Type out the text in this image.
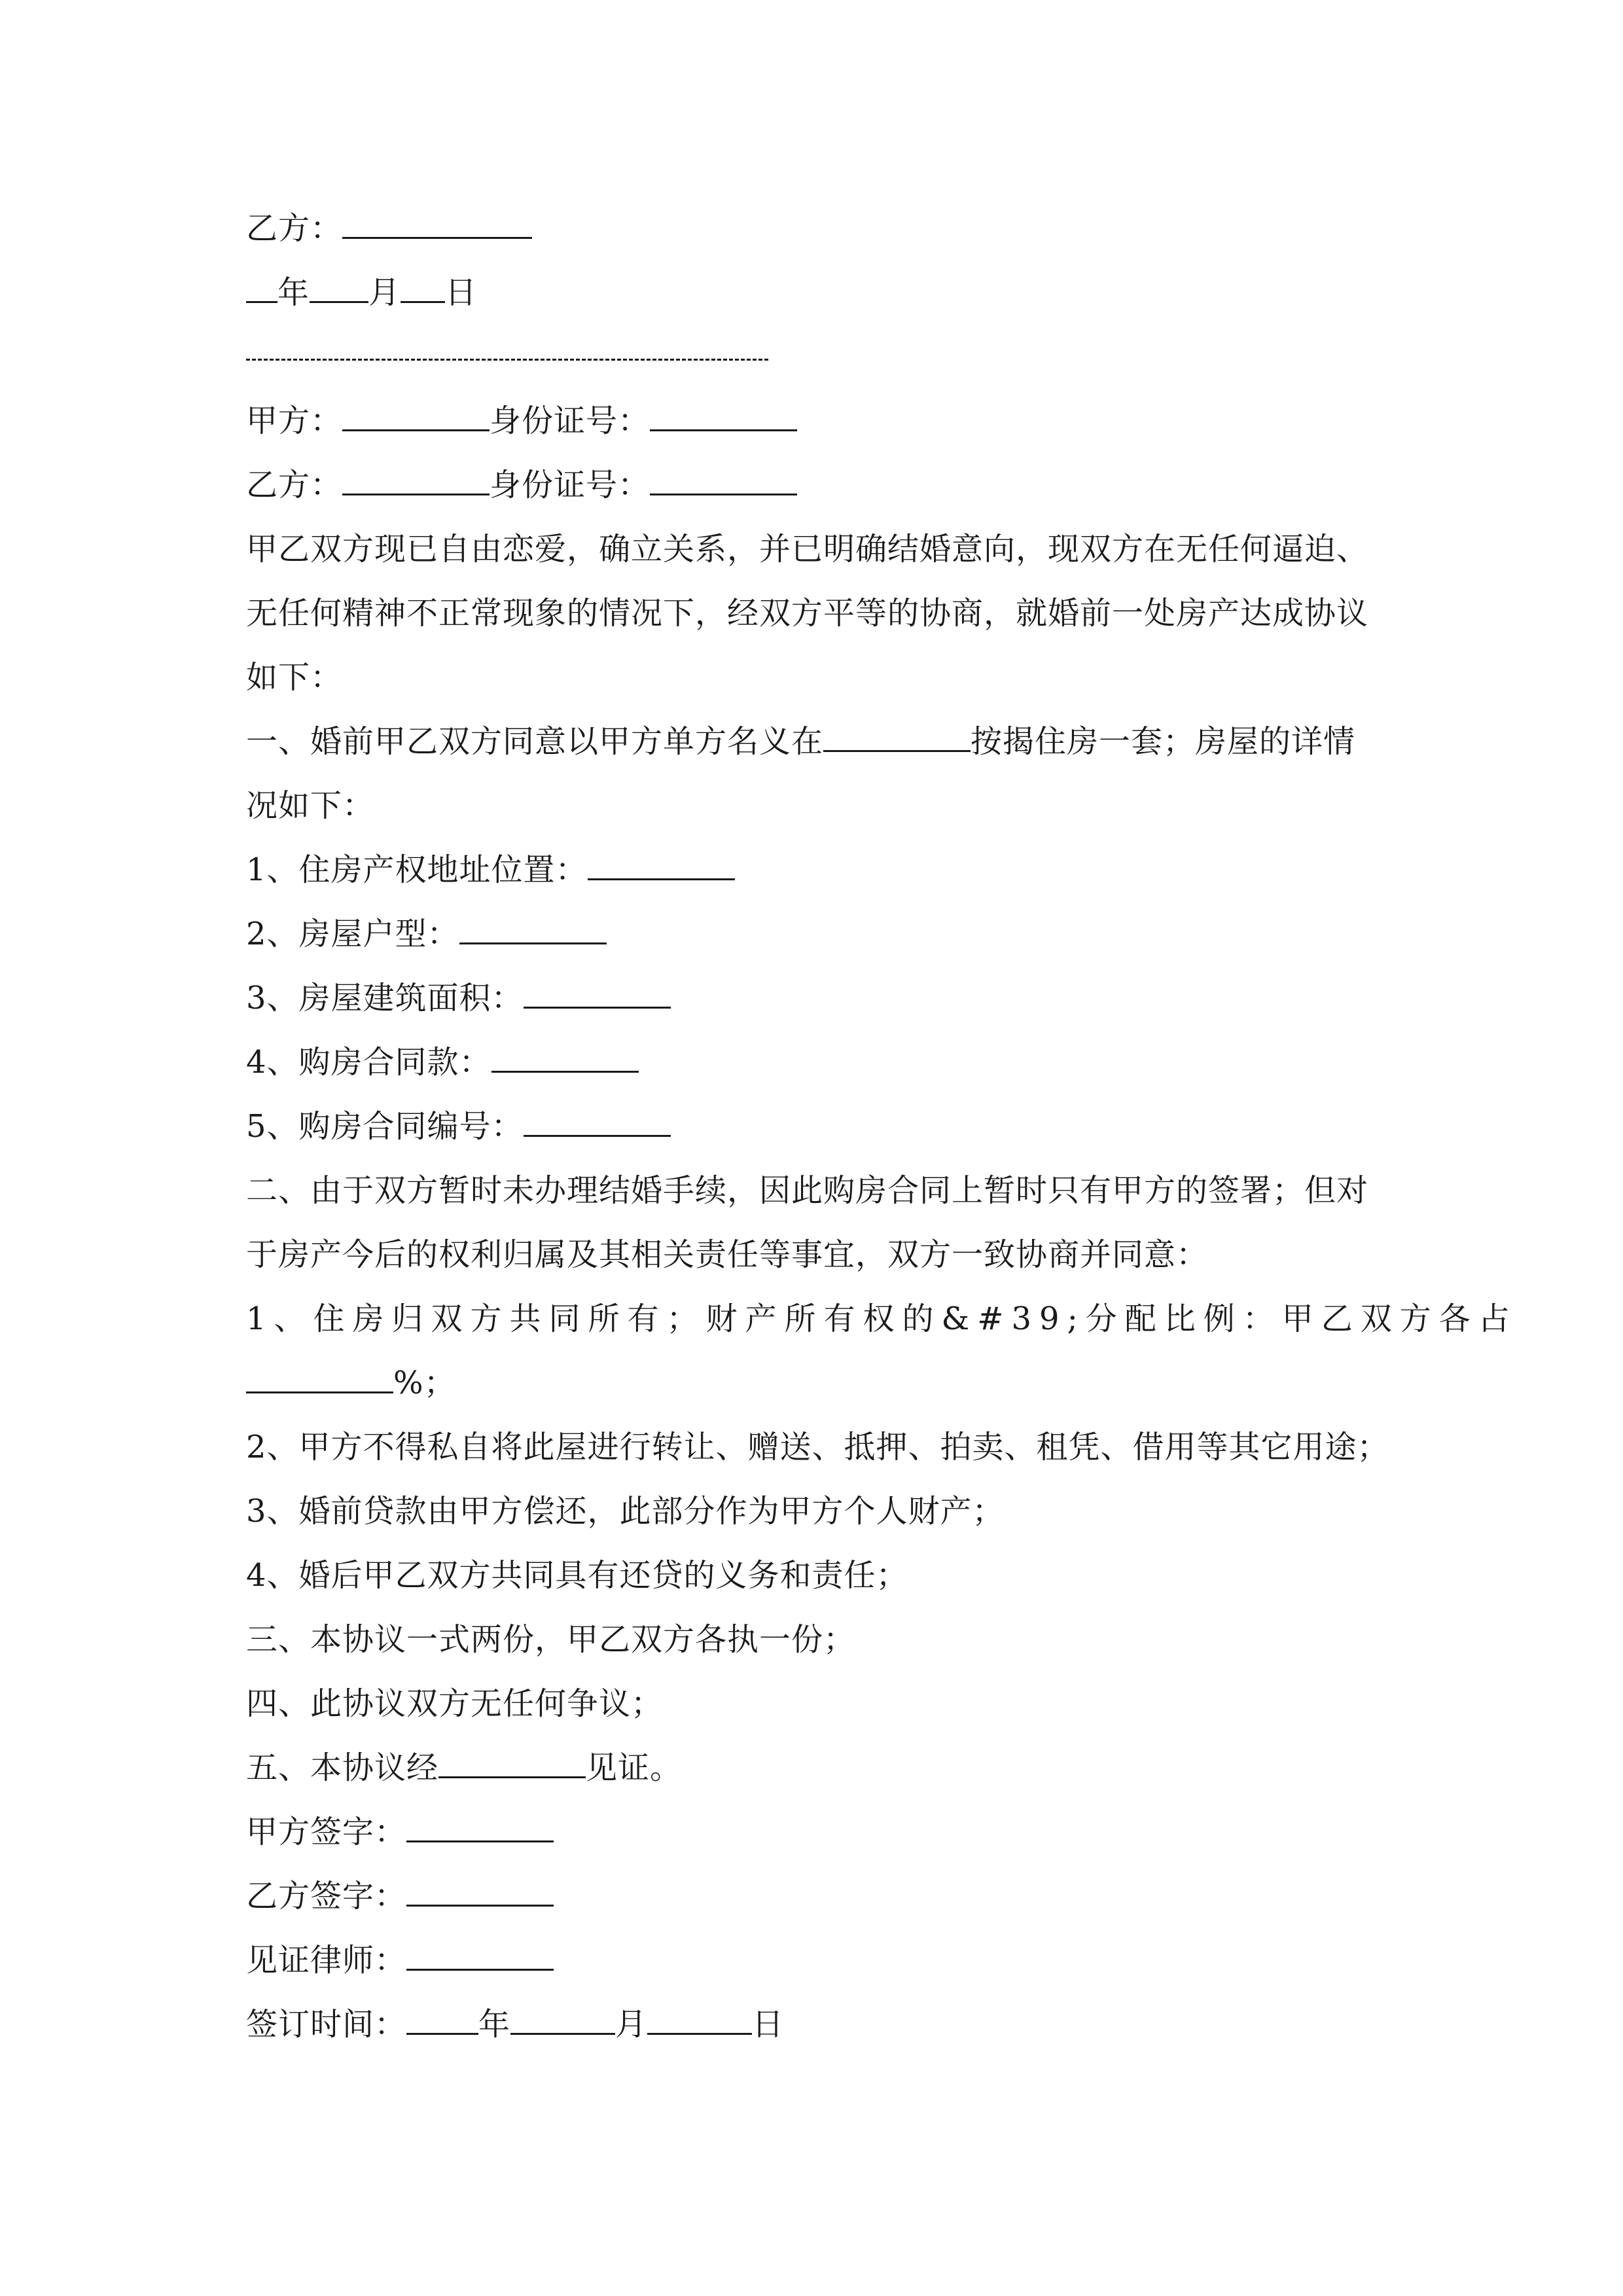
乙方：
年 月 日
甲方：	身份证号：
乙方：	身份证号：
甲乙双方现已自由恋爱，确立关系，并已明确结婚意向，现双方在无任何逼迫、
无任何精神不正常现象的情况下，经双方平等的协商，就婚前一处房产达成协议
如下：
一、婚前甲乙双方同意以甲方单方名义在	按揭住房一套；房屋的详情
况如下：
1、住房产权地址位置：
2、房屋户型：
3、房屋建筑面积：
4、购房合同款：
5、购房合同编号：
二、由于双方暂时未办理结婚手续，因此购房合同上暂时只有甲方的签署；但对
于房产今后的权利归属及其相关责任等事宜，双方一致协商并同意：
1、住房归双方共同所有；财产所有权的&#39;分配比例：甲乙双方各占
%；
2、甲方不得私自将此屋进行转让、赠送、抵押、拍卖、租凭、借用等其它用途；
3、婚前贷款由甲方偿还，此部分作为甲方个人财产；
4、婚后甲乙双方共同具有还贷的义务和责任；
三、本协议一式两份，甲乙双方各执一份；
四、此协议双方无任何争议；
五、本协议经	见证。
甲方签字：
乙方签字：
见证律师：
签订时间： 年	月	日
